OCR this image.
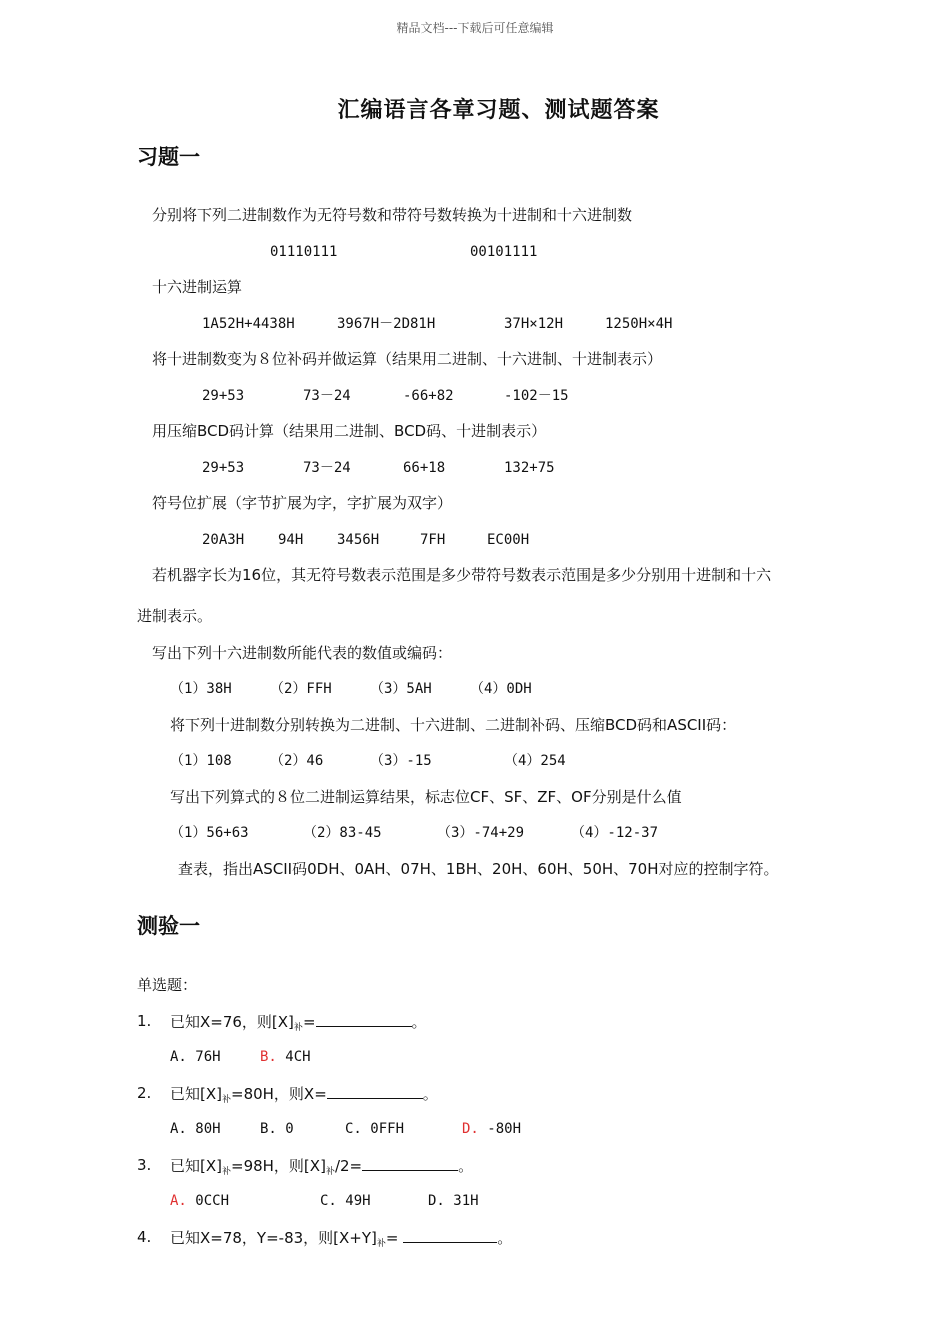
精品文档---下载后可任意编辑
汇编语言各章习题、测试题答案
习题一
分别将下列二进制数作为无符号数和带符号数转换为十进制和十六进制数
01110111	00101111
十六进制运算
1A52H+4438H	3967H－2D81H	37H×12H	1250H×4H
将十进制数变为８位补码并做运算（结果用二进制、十六进制、十进制表示）
29+53	73－24	-66+82	-102－15
用压缩BCD码计算（结果用二进制、BCD码、十进制表示）
29+53	73－24	66+18	132+75
符号位扩展（字节扩展为字，字扩展为双字）
20A3H 94H 3456H	7FH	EC00H
若机器字长为16位，其无符号数表示范围是多少带符号数表示范围是多少分别用十进制和十六
进制表示。
写出下列十六进制数所能代表的数值或编码：
（1）38H	（2）FFH	（3）5AH	（4）0DH
将下列十进制数分别转换为二进制、十六进制、二进制补码、压缩BCD码和ASCII码：
（1）108	（2）46	（3）-15	（4）254
写出下列算式的８位二进制运算结果，标志位CF、SF、ZF、OF分别是什么值
（1）56+63	（2）83-45	（3）-74+29	（4）-12-37
查表，指出ASCII码0DH、0AH、07H、1BH、20H、60H、50H、70H对应的控制字符。
测验一
单选题：
1. 已知X=76，则$[X]_补=$	。
A. 76H	B. 4CH
2. 已知$[X]_补=80H$，则X=	。
A. 80H	B. 0	C. 0FFH	D. -80H
3. 已知$[X]_补=98H$，则$[X]_补/2=$	。
A. 0CCH	C. 49H	D. 31H
4. 已知X=78，Y=-83，则$[X+Y]_补=$	。
